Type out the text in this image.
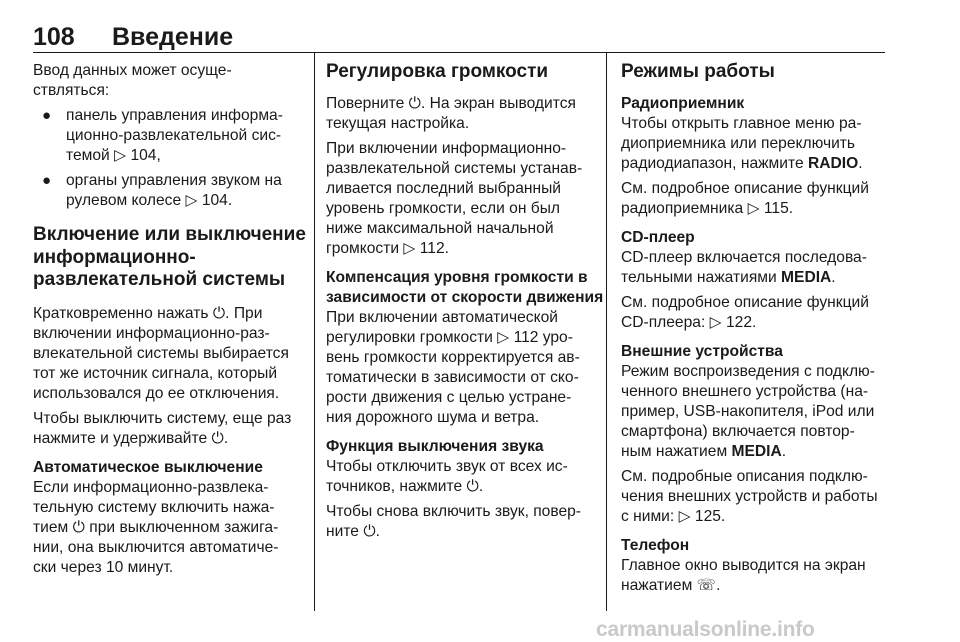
108 Введение

Ввод данных может осуще-
ствляться:

● панель управления информа-
ционно-развлекательной сис-
темой ▷ 104,
● органы управления звуком на
рулевом колесе ▷ 104.
Включение или выключение
информационно-
развлекательной системы

Кратковременно нажать ⏻. При
включении информационно-раз-
влекательной системы выбирается
тот же источник сигнала, который
использовался до ее отключения.

Чтобы выключить систему, еще раз
нажмите и удерживайте ⏻.

Автоматическое выключение

Если информационно-развлека-
тельную систему включить нажа-
тием ⏻ при выключенном зажига-
нии, она выключится автоматиче-
ски через 10 минут.

Регулировка громкости

Поверните ⏻. На экран выводится
текущая настройка.

При включении информационно-
развлекательной системы устанав-
ливается последний выбранный
уровень громкости, если он был
ниже максимальной начальной
громкости ▷ 112.

Компенсация уровня громкости в
зависимости от скорости движения

При включении автоматической
регулировки громкости ▷ 112 уро-
вень громкости корректируется ав-
томатически в зависимости от ско-
рости движения с целью устране-
ния дорожного шума и ветра.

Функция выключения звука

Чтобы отключить звук от всех ис-
точников, нажмите ⏻.

Чтобы снова включить звук, повер-
ните ⏻.

Режимы работы
Радиоприемник

Чтобы открыть главное меню ра-
диоприемника или переключить
радиодиапазон, нажмите RADIO.

См. подробное описание функций
радиоприемника ▷ 115.

CD-плеер

CD-плеер включается последова-
тельными нажатиями MEDIA.

См. подробное описание функций
CD-плеера: ▷ 122.

Внешние устройства

Режим воспроизведения с подклю-
ченного внешнего устройства (на-
пример, USB-накопителя, iPod или
смартфона) включается повтор-
ным нажатием MEDIA.

См. подробные описания подклю-
чения внешних устройств и работы
с ними: ▷ 125.

Телефон

Главное окно выводится на экран
нажатием ☏.

carmanualsonline.info
